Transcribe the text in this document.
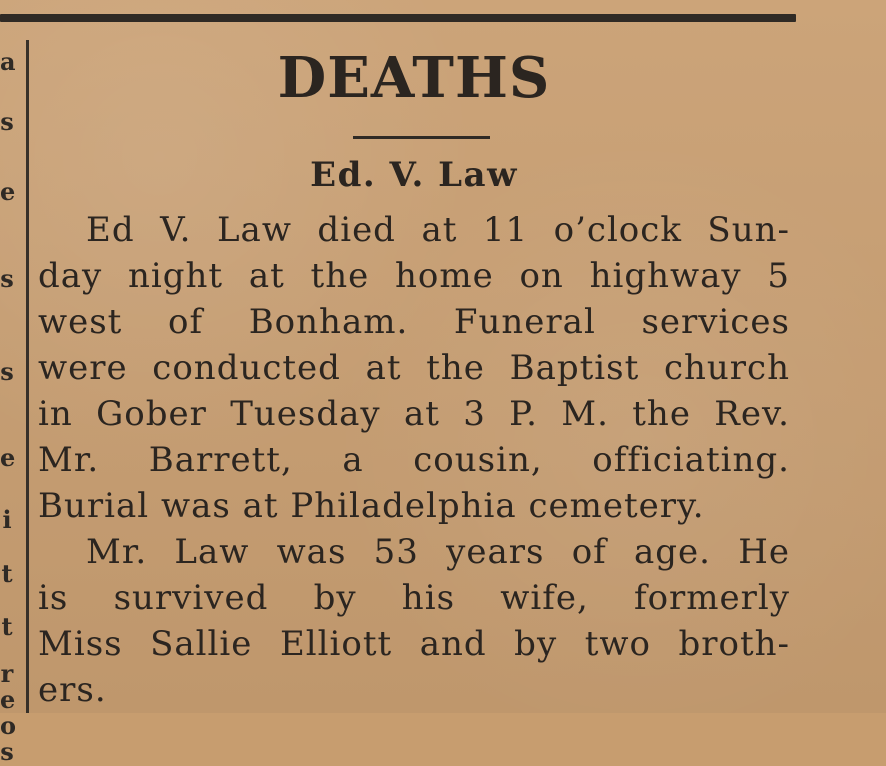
a
s
e
s
s
e
i
t
t
r
e
o
s
DEATHS
Ed. V. Law
Ed V. Law died at 11 o’clock Sun-
day night at the home on highway 5
west of Bonham. Funeral services
were conducted at the Baptist church
in Gober Tuesday at 3 P. M. the Rev.
Mr. Barrett, a cousin, officiating.
Burial was at Philadelphia cemetery.
Mr. Law was 53 years of age. He
is survived by his wife, formerly
Miss Sallie Elliott and by two broth-
ers.
